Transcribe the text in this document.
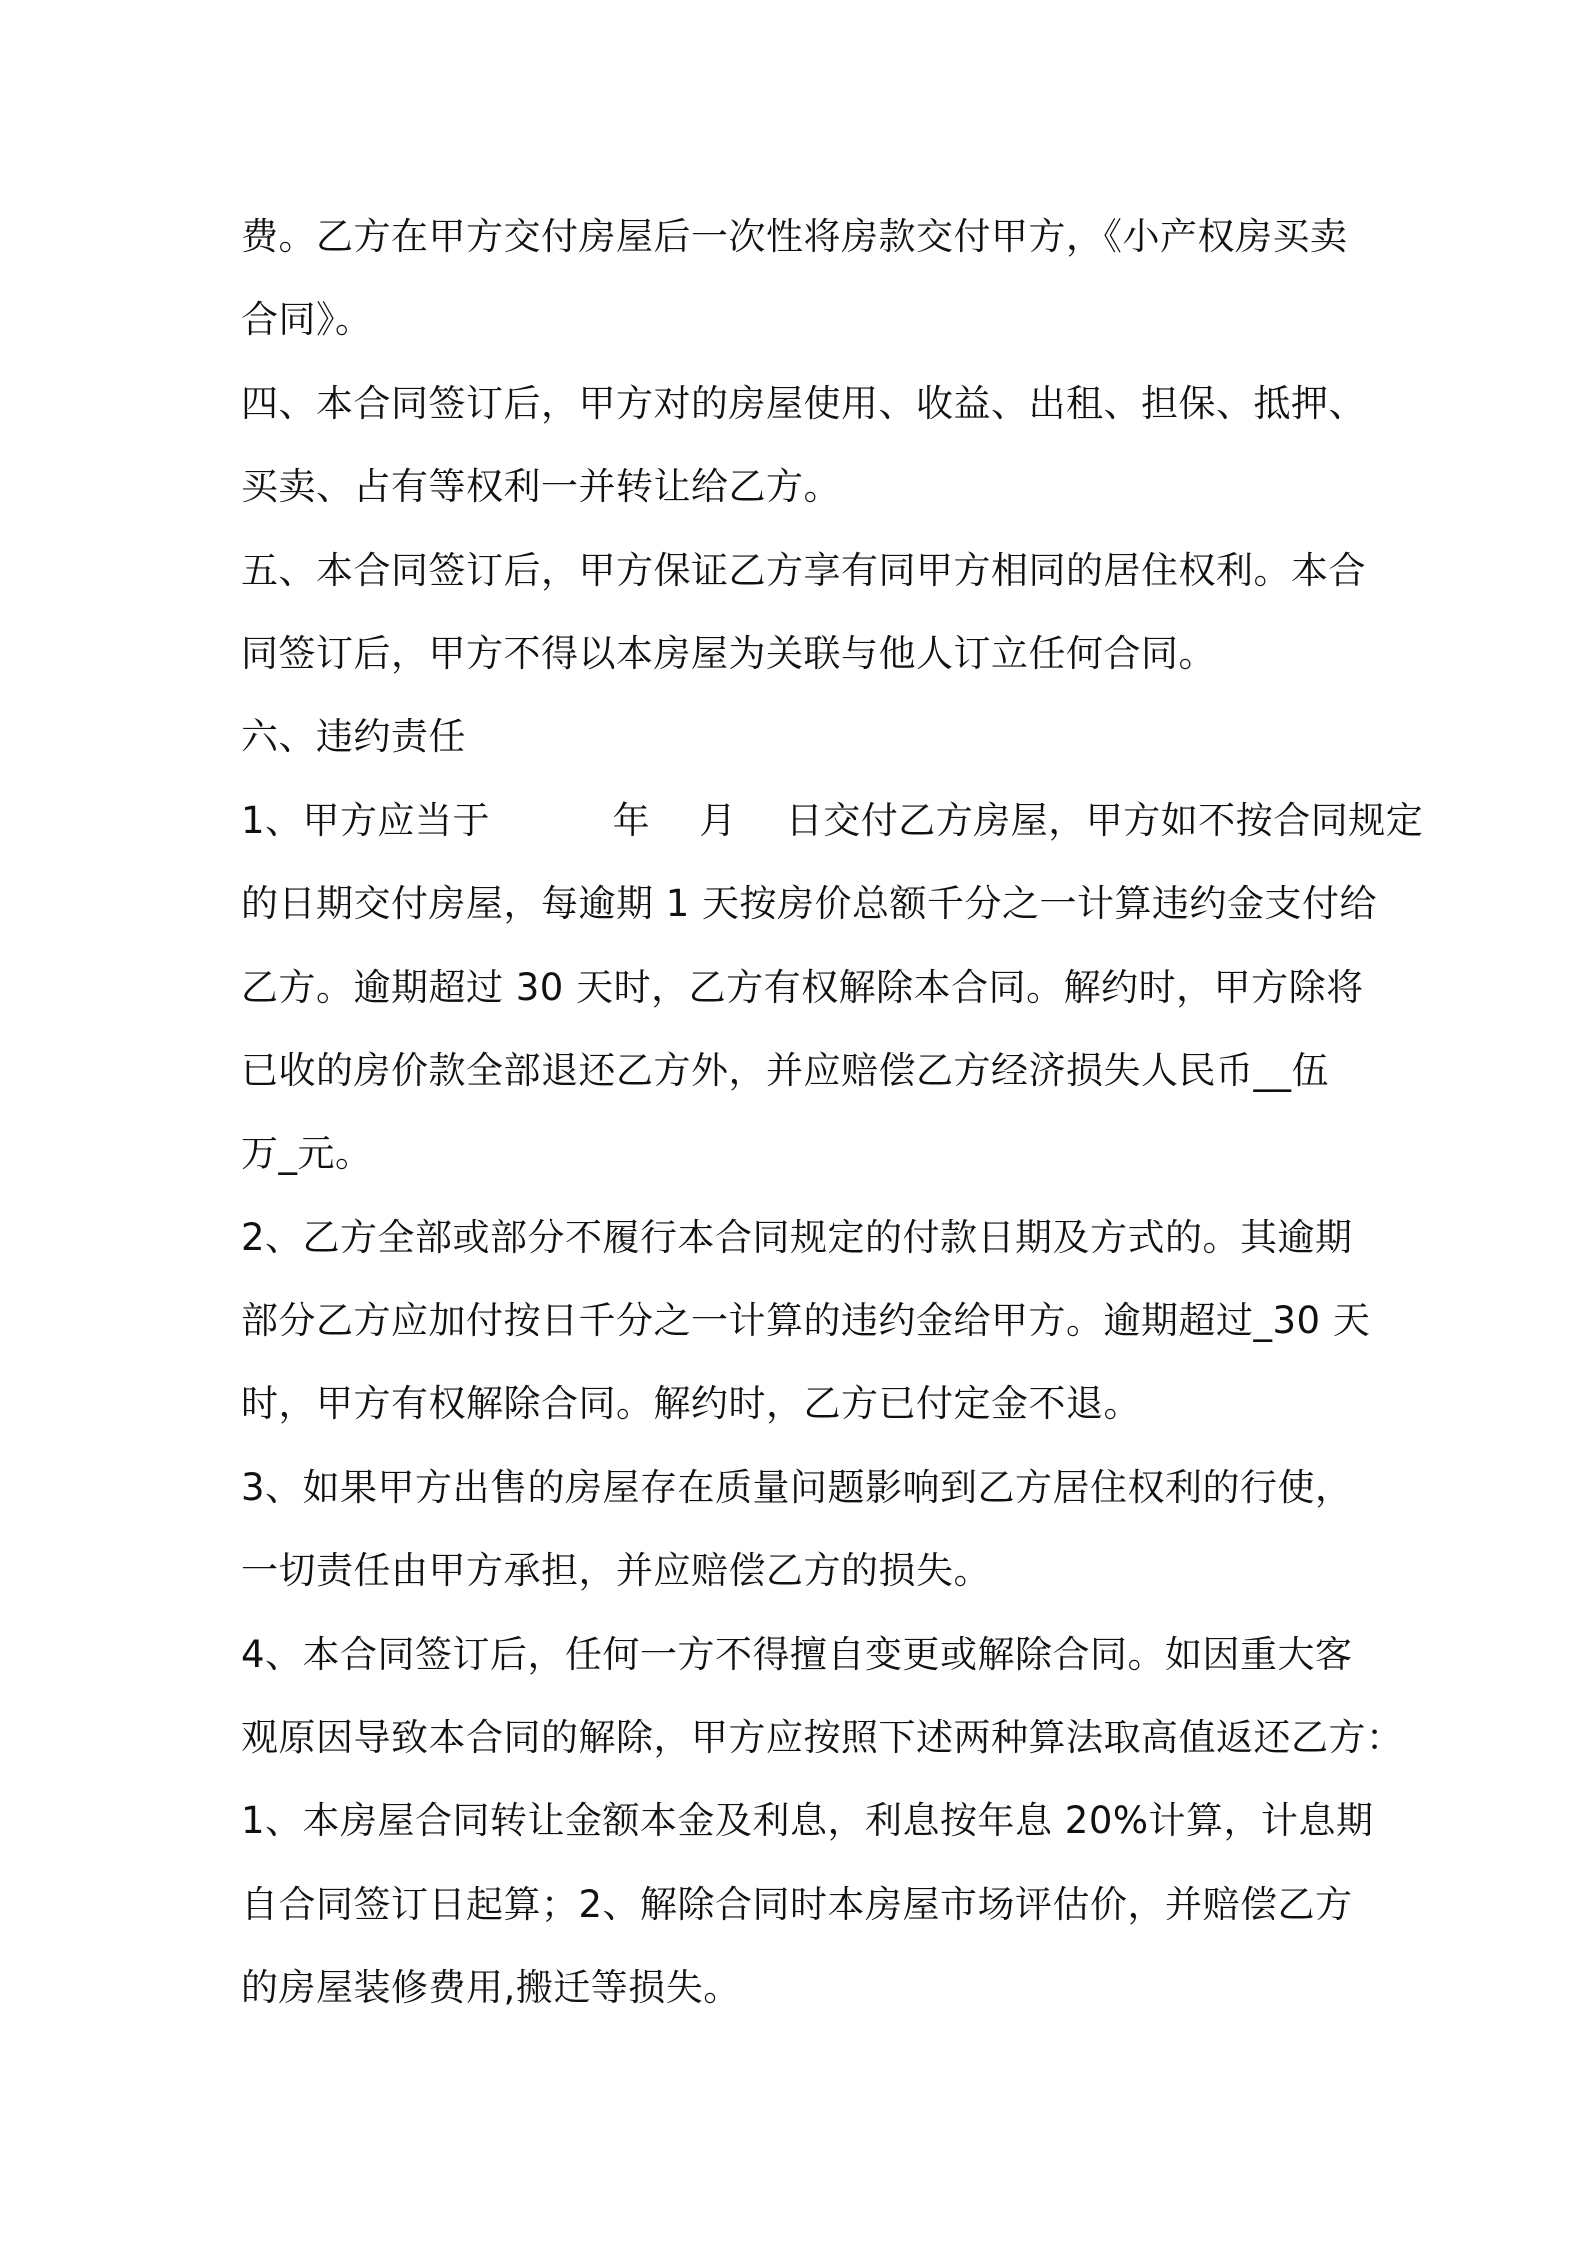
费。乙方在甲方交付房屋后一次性将房款交付甲方，《小产权房买卖
合同》。
四、本合同签订后，甲方对的房屋使用、收益、出租、担保、抵押、
买卖、占有等权利一并转让给乙方。
五、本合同签订后，甲方保证乙方享有同甲方相同的居住权利。本合
同签订后，甲方不得以本房屋为关联与他人订立任何合同。
六、违约责任
1、甲方应当于          年    月    日交付乙方房屋，甲方如不按合同规定
的日期交付房屋，每逾期 1 天按房价总额千分之一计算违约金支付给
乙方。逾期超过 30 天时，乙方有权解除本合同。解约时，甲方除将
已收的房价款全部退还乙方外，并应赔偿乙方经济损失人民币__伍
万_元。
2、乙方全部或部分不履行本合同规定的付款日期及方式的。其逾期
部分乙方应加付按日千分之一计算的违约金给甲方。逾期超过_30 天
时，甲方有权解除合同。解约时，乙方已付定金不退。
3、如果甲方出售的房屋存在质量问题影响到乙方居住权利的行使，
一切责任由甲方承担，并应赔偿乙方的损失。
4、本合同签订后，任何一方不得擅自变更或解除合同。如因重大客
观原因导致本合同的解除，甲方应按照下述两种算法取高值返还乙方：
1、本房屋合同转让金额本金及利息，利息按年息 20%计算，计息期
自合同签订日起算；2、解除合同时本房屋市场评估价，并赔偿乙方
的房屋装修费用,搬迁等损失。
